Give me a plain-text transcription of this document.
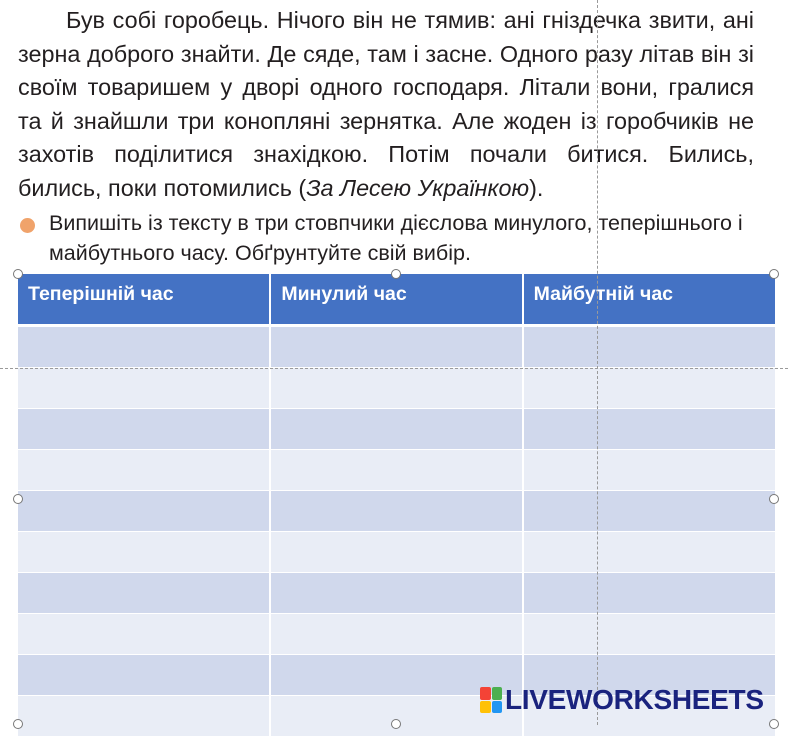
Був собі горобець. Нічого він не тямив: ані гніздечка звити, ані зерна доброго знайти. Де сяде, там і засне. Одного разу літав він зі своїм товаришем у дворі одного господаря. Літали вони, гралися та й знайшли три конопляні зернятка. Але жоден із горобчиків не захотів поділитися знахідкою. Потім почали битися. Бились, бились, поки потомились (За Лесею Українкою).

Випишіть із тексту в три стовпчики дієслова минулого, теперішнього і майбутнього часу. Обґрунтуйте свій вибір.
Теперішній час	Минулий час	Майбутній час

LIVEWORKSHEETS
